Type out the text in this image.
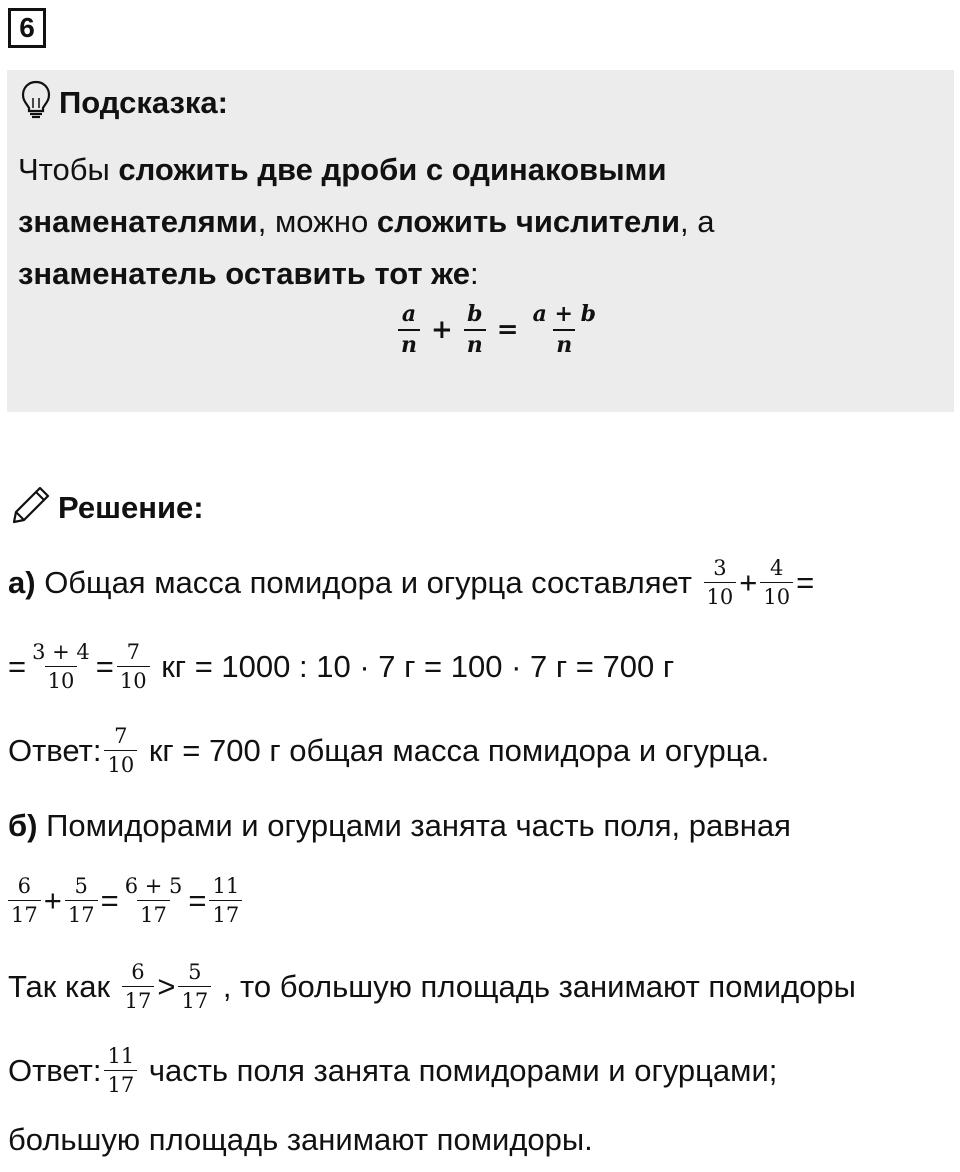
6
Подсказка:
Чтобы сложить две дроби с одинаковыми
знаменателями, можно сложить числители, а
знаменатель оставить тот же:
$\frac{a}{n} + \frac{b}{n} = \frac{a + b}{n}$
Решение:
а) Общая масса помидора и огурца составляет $\frac{3}{10} + \frac{4}{10}$ =
= $\frac{3 + 4}{10} = \frac{7}{10}$ кг = 1000 : 10 · 7 г = 100 · 7 г = 700 г
Ответ: $\frac{7}{10}$ кг = 700 г общая масса помидора и огурца.
б) Помидорами и огурцами занята часть поля, равная
$\frac{6}{17} + \frac{5}{17} = \frac{6 + 5}{17} = \frac{11}{17}$
Так как $\frac{6}{17} > \frac{5}{17}$ , то большую площадь занимают помидоры
Ответ: $\frac{11}{17}$ часть поля занята помидорами и огурцами;
большую площадь занимают помидоры.
